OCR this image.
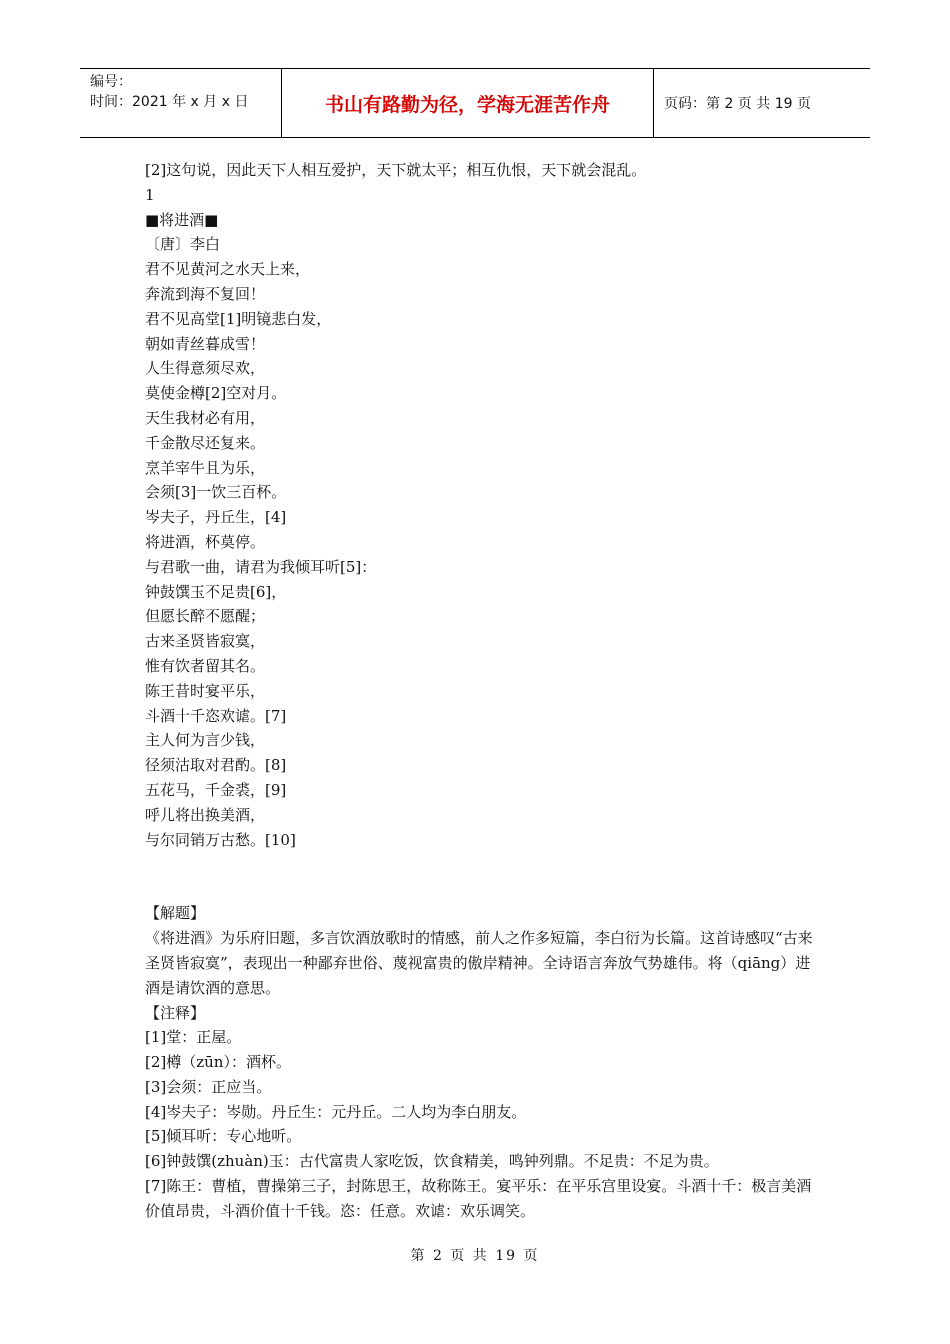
编号：
时间：2021 年 x 月 x 日	书山有路勤为径，学海无涯苦作舟	页码：第 2 页 共 19 页
[2]这句说，因此天下人相互爱护，天下就太平；相互仇恨，天下就会混乱。
1
■将进酒■
〔唐〕李白
君不见黄河之水天上来，
奔流到海不复回！
君不见高堂[1]明镜悲白发，
朝如青丝暮成雪！
人生得意须尽欢，
莫使金樽[2]空对月。
天生我材必有用，
千金散尽还复来。
烹羊宰牛且为乐，
会须[3]一饮三百杯。
岑夫子，丹丘生，[4]
将进酒，杯莫停。
与君歌一曲，请君为我倾耳听[5]：
钟鼓馔玉不足贵[6]，
但愿长醉不愿醒；
古来圣贤皆寂寞，
惟有饮者留其名。
陈王昔时宴平乐，
斗酒十千恣欢谑。[7]
主人何为言少钱，
径须沽取对君酌。[8]
五花马，千金裘，[9]
呼儿将出换美酒，
与尔同销万古愁。[10]
【解题】

《将进酒》为乐府旧题，多言饮酒放歌时的情感，前人之作多短篇，李白衍为长篇。这首诗感叹“古来圣贤皆寂寞”，表现出一种鄙弃世俗、蔑视富贵的傲岸精神。全诗语言奔放气势雄伟。将（qiāng）进酒是请饮酒的意思。

【注释】

[1]堂：正屋。

[2]樽（zūn）：酒杯。

[3]会须：正应当。

[4]岑夫子：岑勋。丹丘生：元丹丘。二人均为李白朋友。

[5]倾耳听：专心地听。

[6]钟鼓馔(zhuàn)玉：古代富贵人家吃饭，饮食精美，鸣钟列鼎。不足贵：不足为贵。

[7]陈王：曹植，曹操第三子，封陈思王，故称陈王。宴平乐：在平乐宫里设宴。斗酒十千：极言美酒价值昂贵，斗酒价值十千钱。恣：任意。欢谑：欢乐调笑。

第 2 页 共 19 页
